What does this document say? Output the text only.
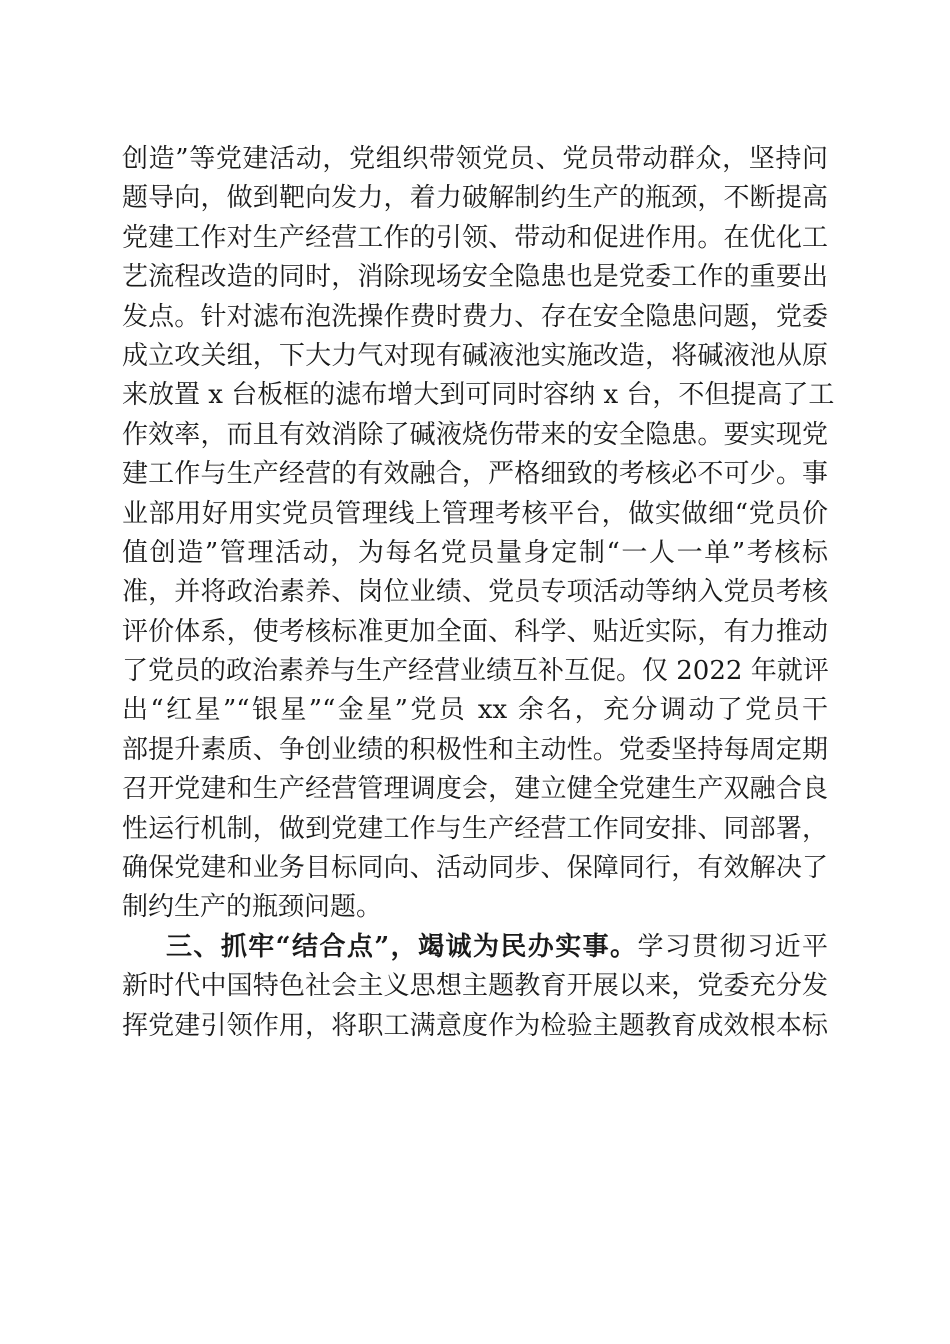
创造”等党建活动，党组织带领党员、党员带动群众，坚持问
题导向，做到靶向发力，着力破解制约生产的瓶颈，不断提高
党建工作对生产经营工作的引领、带动和促进作用。在优化工
艺流程改造的同时，消除现场安全隐患也是党委工作的重要出
发点。针对滤布泡洗操作费时费力、存在安全隐患问题，党委
成立攻关组，下大力气对现有碱液池实施改造，将碱液池从原
来放置 x 台板框的滤布增大到可同时容纳 x 台，不但提高了工
作效率，而且有效消除了碱液烧伤带来的安全隐患。要实现党
建工作与生产经营的有效融合，严格细致的考核必不可少。事
业部用好用实党员管理线上管理考核平台，做实做细“党员价
值创造”管理活动，为每名党员量身定制“一人一单”考核标
准，并将政治素养、岗位业绩、党员专项活动等纳入党员考核
评价体系，使考核标准更加全面、科学、贴近实际，有力推动
了党员的政治素养与生产经营业绩互补互促。仅 2022 年就评
出“红星”“银星”“金星”党员 xx 余名，充分调动了党员干
部提升素质、争创业绩的积极性和主动性。党委坚持每周定期
召开党建和生产经营管理调度会，建立健全党建生产双融合良
性运行机制，做到党建工作与生产经营工作同安排、同部署，
确保党建和业务目标同向、活动同步、保障同行，有效解决了
制约生产的瓶颈问题。
三、抓牢“结合点”，竭诚为民办实事。学习贯彻习近平
新时代中国特色社会主义思想主题教育开展以来，党委充分发
挥党建引领作用，将职工满意度作为检验主题教育成效根本标
